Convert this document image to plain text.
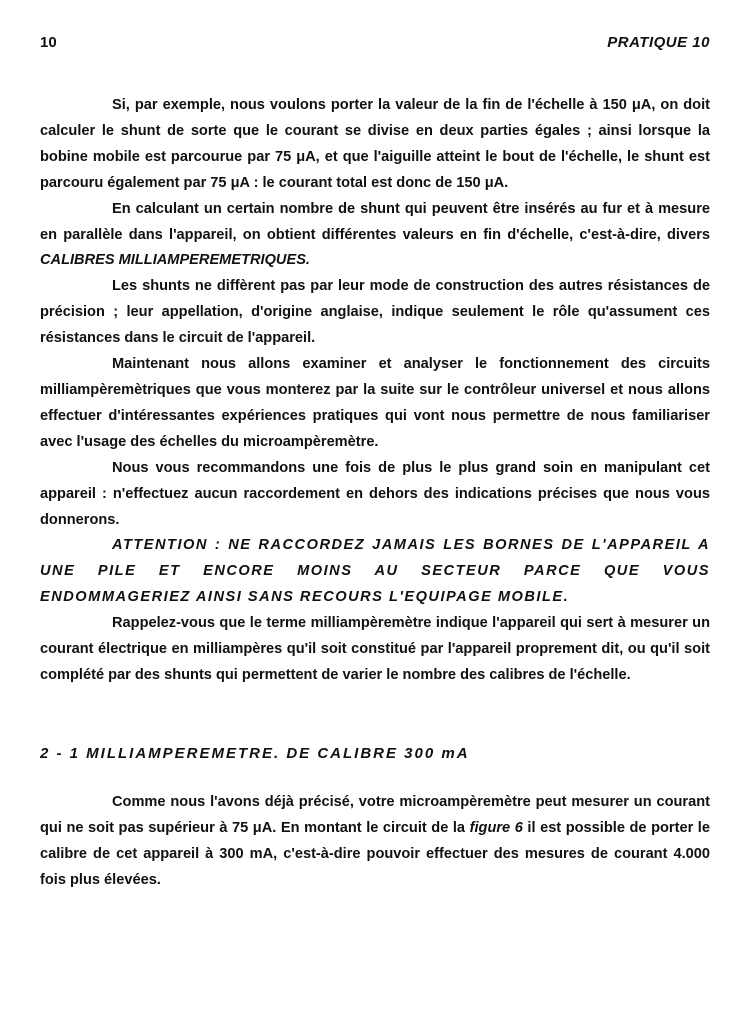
10	PRATIQUE 10

Si, par exemple, nous voulons porter la valeur de la fin de l'échelle à 150 μA, on doit calculer le shunt de sorte que le courant se divise en deux parties égales ; ainsi lorsque la bobine mobile est parcourue par 75 μA, et que l'aiguille atteint le bout de l'échelle, le shunt est parcouru également par 75 μA : le courant total est donc de 150 μA.

En calculant un certain nombre de shunt qui peuvent être insérés au fur et à mesure en parallèle dans l'appareil, on obtient différentes valeurs en fin d'échelle, c'est-à-dire, divers CALIBRES MILLIAMPEREMETRIQUES.

Les shunts ne diffèrent pas par leur mode de construction des autres résistances de précision ; leur appellation, d'origine anglaise, indique seulement le rôle qu'assument ces résistances dans le circuit de l'appareil.

Maintenant nous allons examiner et analyser le fonctionnement des circuits milliampèremètriques que vous monterez par la suite sur le contrôleur universel et nous allons effectuer d'intéressantes expériences pratiques qui vont nous permettre de nous familiariser avec l'usage des échelles du microampèremètre.

Nous vous recommandons une fois de plus le plus grand soin en manipulant cet appareil : n'effectuez aucun raccordement en dehors des indications précises que nous vous donnerons.

ATTENTION : NE RACCORDEZ JAMAIS LES BORNES DE L'APPAREIL A UNE PILE ET ENCORE MOINS AU SECTEUR PARCE QUE VOUS ENDOMMAGERIEZ AINSI SANS RECOURS L'EQUIPAGE MOBILE.

Rappelez-vous que le terme milliampèremètre indique l'appareil qui sert à mesurer un courant électrique en milliampères qu'il soit constitué par l'appareil proprement dit, ou qu'il soit complété par des shunts qui permettent de varier le nombre des calibres de l'échelle.

2 - 1 MILLIAMPEREMETRE. DE CALIBRE 300 mA

Comme nous l'avons déjà précisé, votre microampèremètre peut mesurer un courant qui ne soit pas supérieur à 75 μA. En montant le circuit de la figure 6 il est possible de porter le calibre de cet appareil à 300 mA, c'est-à-dire pouvoir effectuer des mesures de courant 4.000 fois plus élevées.
